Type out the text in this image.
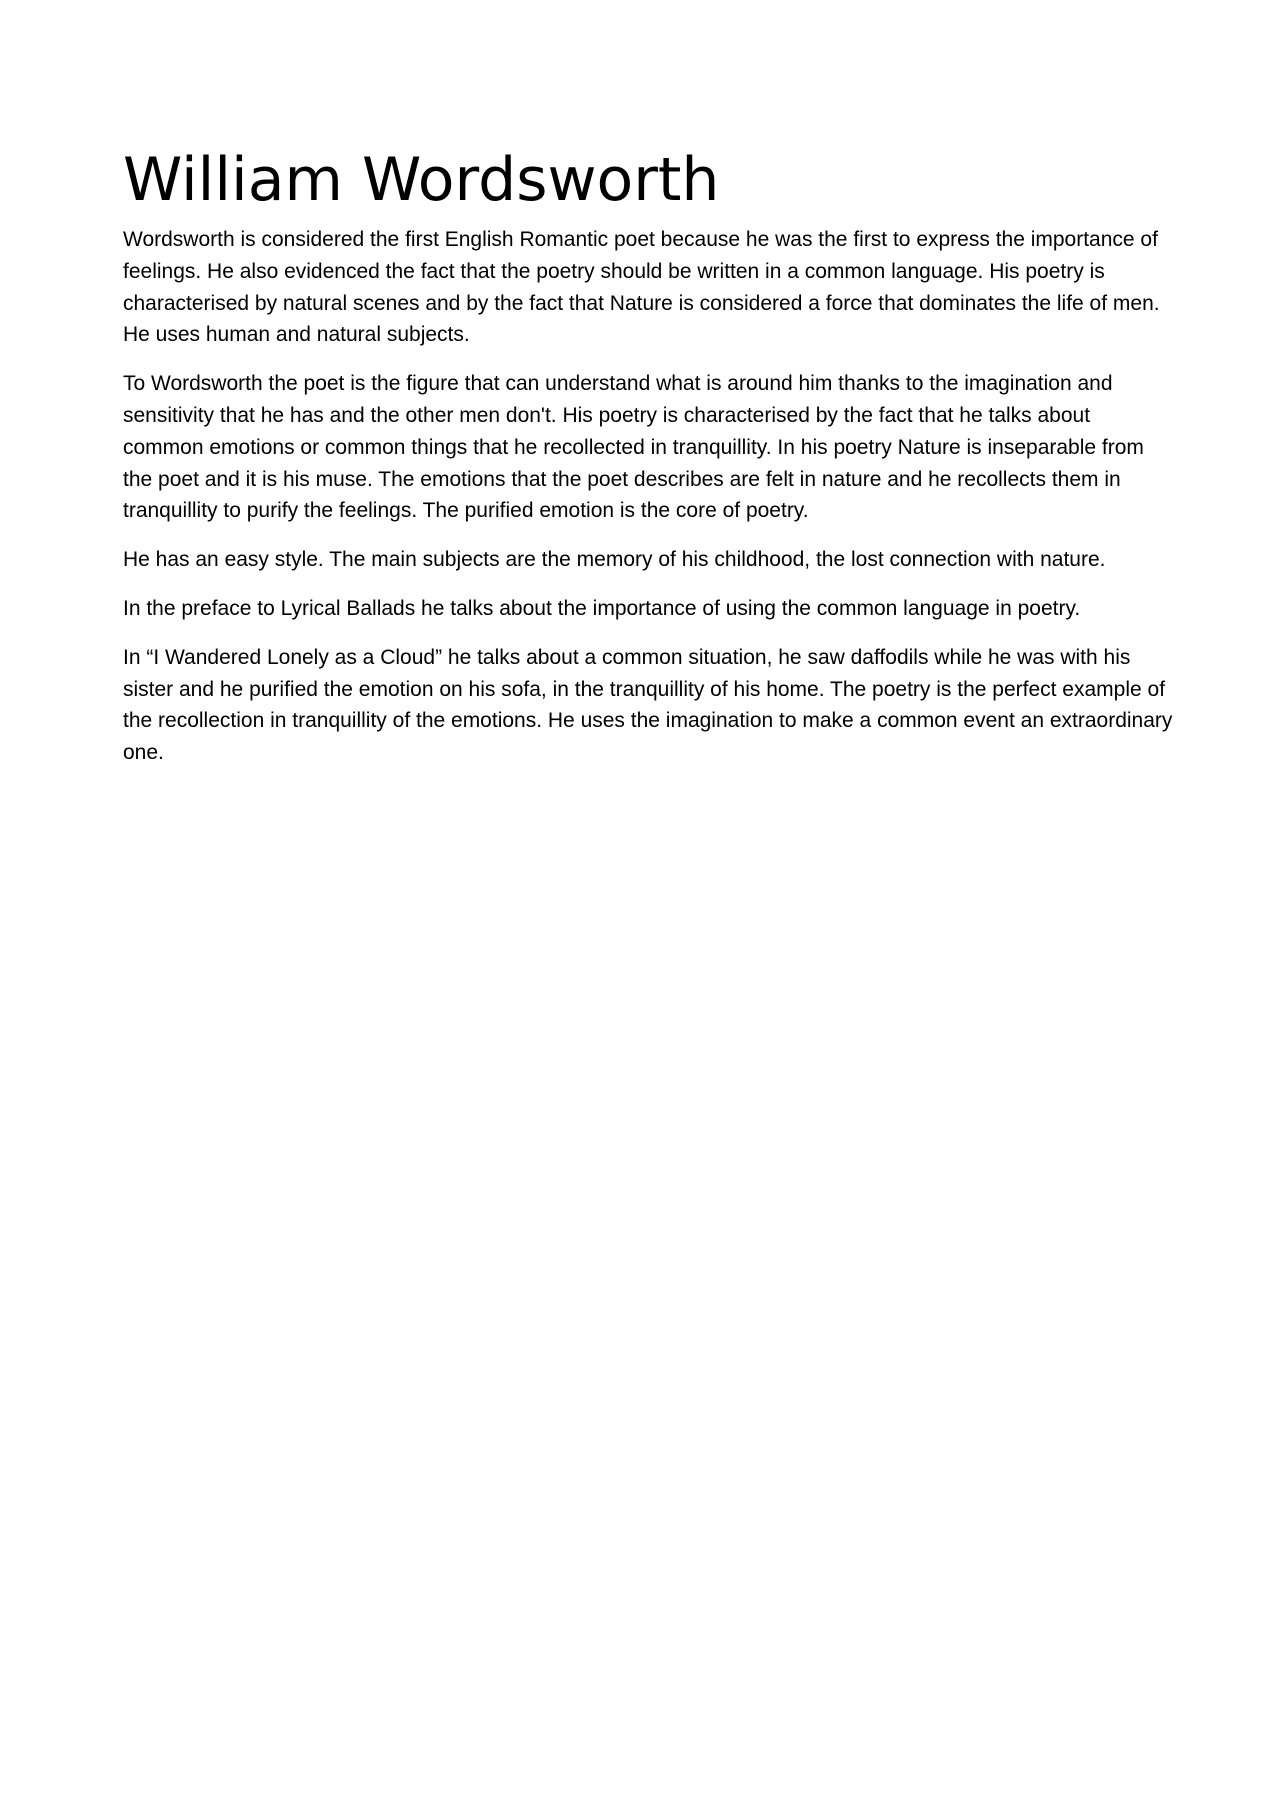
William Wordsworth

Wordsworth is considered the first English Romantic poet because he was the first to express the importance of feelings. He also evidenced the fact that the poetry should be written in a common language. His poetry is characterised by natural scenes and by the fact that Nature is considered a force that dominates the life of men. He uses human and natural subjects.

To Wordsworth the poet is the figure that can understand what is around him thanks to the imagination and sensitivity that he has and the other men don't. His poetry is characterised by the fact that he talks about common emotions or common things that he recollected in tranquillity. In his poetry Nature is inseparable from the poet and it is his muse. The emotions that the poet describes are felt in nature and he recollects them in tranquillity to purify the feelings. The purified emotion is the core of poetry.

He has an easy style. The main subjects are the memory of his childhood, the lost connection with nature.

In the preface to Lyrical Ballads he talks about the importance of using the common language in poetry.

In “I Wandered Lonely as a Cloud” he talks about a common situation, he saw daffodils while he was with his sister and he purified the emotion on his sofa, in the tranquillity of his home. The poetry is the perfect example of the recollection in tranquillity of the emotions. He uses the imagination to make a common event an extraordinary one.
